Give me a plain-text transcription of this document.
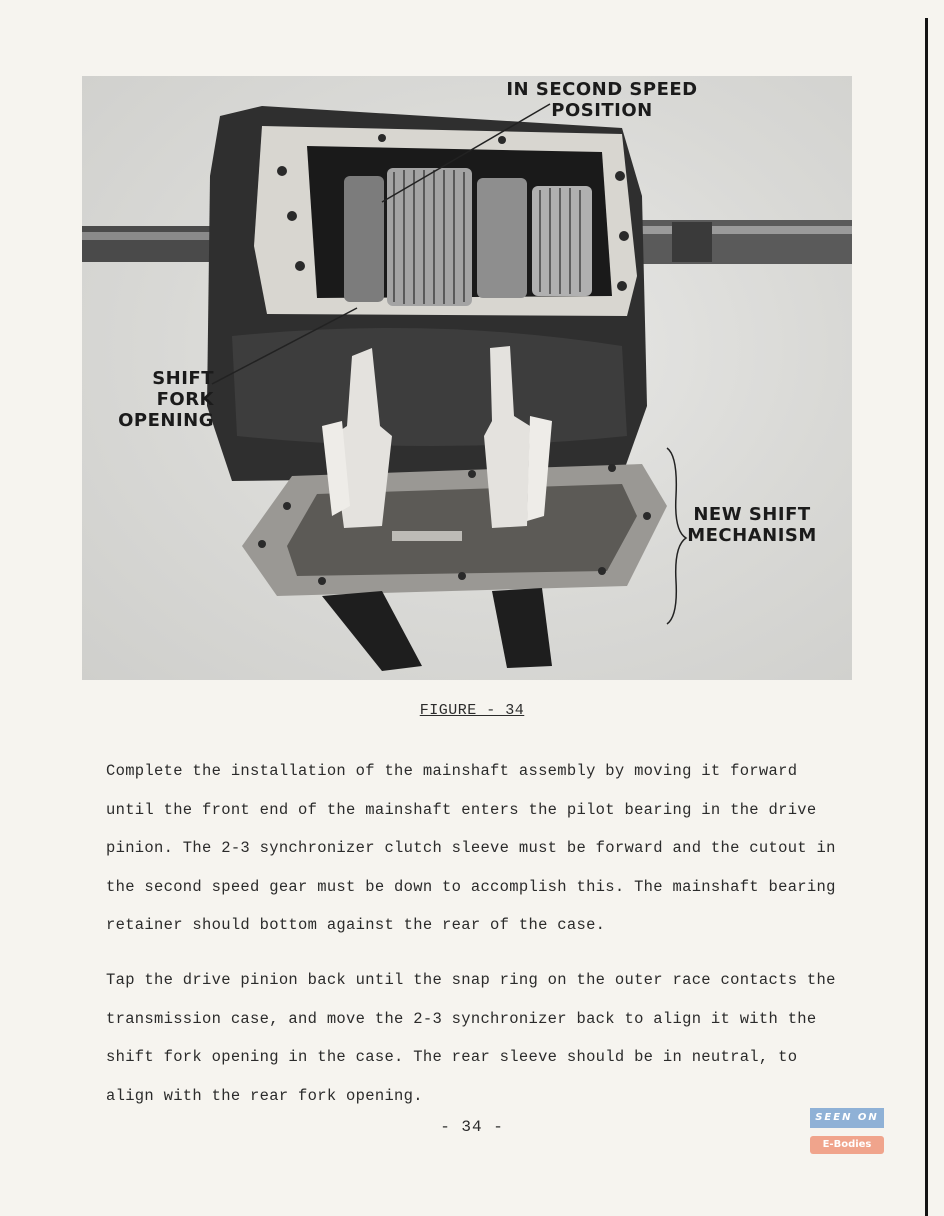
IN SECOND SPEED
POSITION

SHIFT FORK
OPENING

NEW SHIFT
MECHANISM

FIGURE - 34

Complete the installation of the mainshaft assembly by moving it forward until the front end of the mainshaft enters the pilot bearing in the drive pinion. The 2-3 synchronizer clutch sleeve must be forward and the cutout in the second speed gear must be down to accomplish this. The mainshaft bearing retainer should bottom against the rear of the case.

Tap the drive pinion back until the snap ring on the outer race contacts the transmission case, and move the 2-3 synchronizer back to align it with the shift fork opening in the case. The rear sleeve should be in neutral, to align with the rear fork opening.

- 34 -
SEEN ON
E-Bodies
